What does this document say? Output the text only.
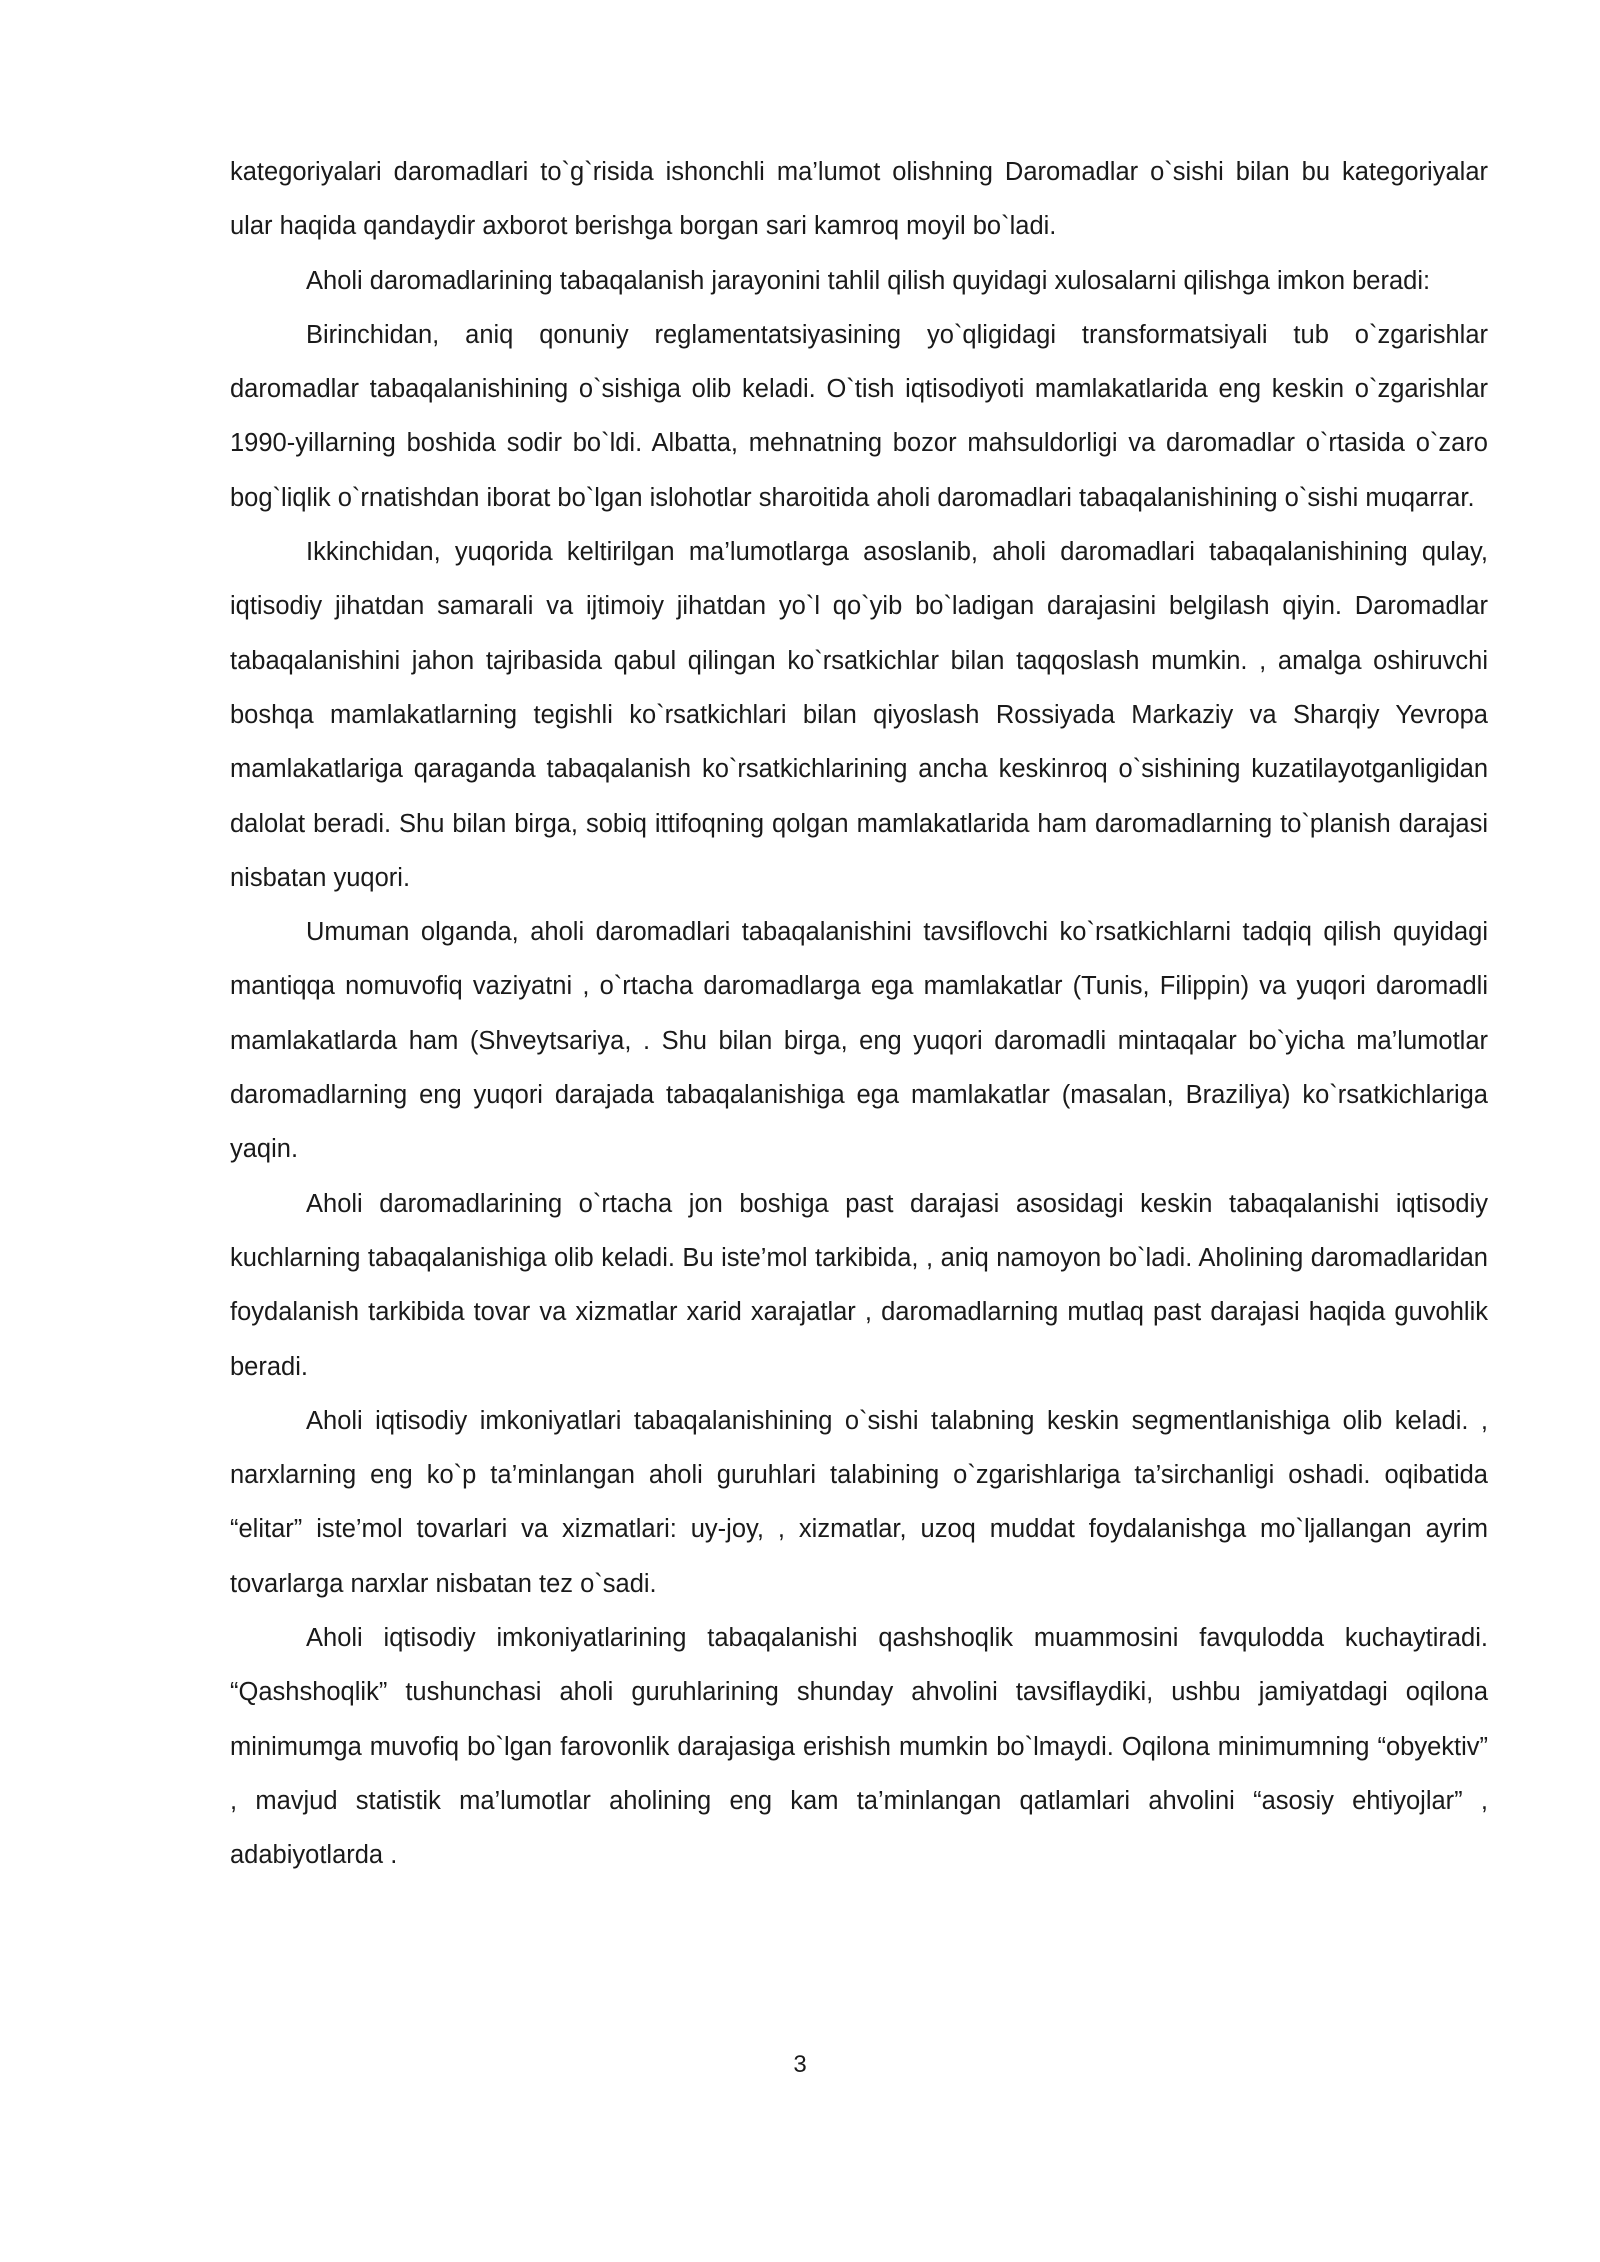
kategoriyalari daromadlari to`g`risida ishonchli ma’lumot olishning Daromadlar o`sishi bilan bu kategoriyalar ular haqida qandaydir axborot berishga borgan sari kamroq moyil bo`ladi.

Aholi daromadlarining tabaqalanish jarayonini tahlil qilish quyidagi xulosalarni qilishga imkon beradi:

Birinchidan, aniq qonuniy reglamentatsiyasining yo`qligidagi transformatsiyali tub o`zgarishlar daromadlar tabaqalanishining o`sishiga olib keladi. O`tish iqtisodiyoti mamlakatlarida eng keskin o`zgarishlar 1990-yillarning boshida sodir bo`ldi. Albatta, mehnatning bozor mahsuldorligi va daromadlar o`rtasida o`zaro bog`liqlik o`rnatishdan iborat bo`lgan islohotlar sharoitida aholi daromadlari tabaqalanishining o`sishi muqarrar.

Ikkinchidan, yuqorida keltirilgan ma’lumotlarga asoslanib, aholi daromadlari tabaqalanishining qulay, iqtisodiy jihatdan samarali va ijtimoiy jihatdan yo`l qo`yib bo`ladigan darajasini belgilash qiyin. Daromadlar tabaqalanishini jahon tajribasida qabul qilingan ko`rsatkichlar bilan taqqoslash mumkin. , amalga oshiruvchi boshqa mamlakatlarning tegishli ko`rsatkichlari bilan qiyoslash Rossiyada Markaziy va Sharqiy Yevropa mamlakatlariga qaraganda tabaqalanish ko`rsatkichlarining ancha keskinroq o`sishining kuzatilayotganligidan dalolat beradi. Shu bilan birga, sobiq ittifoqning qolgan mamlakatlarida ham daromadlarning to`planish darajasi nisbatan yuqori.

Umuman olganda, aholi daromadlari tabaqalanishini tavsiflovchi ko`rsatkichlarni tadqiq qilish quyidagi mantiqqa nomuvofiq vaziyatni , o`rtacha daromadlarga ega mamlakatlar (Tunis, Filippin) va yuqori daromadli mamlakatlarda ham (Shveytsariya, . Shu bilan birga, eng yuqori daromadli mintaqalar bo`yicha ma’lumotlar daromadlarning eng yuqori darajada tabaqalanishiga ega mamlakatlar (masalan, Braziliya) ko`rsatkichlariga yaqin.

Aholi daromadlarining o`rtacha jon boshiga past darajasi asosidagi keskin tabaqalanishi iqtisodiy kuchlarning tabaqalanishiga olib keladi. Bu iste’mol tarkibida, , aniq namoyon bo`ladi. Aholining daromadlaridan foydalanish tarkibida tovar va xizmatlar xarid xarajatlar , daromadlarning mutlaq past darajasi haqida guvohlik beradi.

Aholi iqtisodiy imkoniyatlari tabaqalanishining o`sishi talabning keskin segmentlanishiga olib keladi. , narxlarning eng ko`p ta’minlangan aholi guruhlari talabining o`zgarishlariga ta’sirchanligi oshadi. oqibatida “elitar” iste’mol tovarlari va xizmatlari: uy-joy, , xizmatlar, uzoq muddat foydalanishga mo`ljallangan ayrim tovarlarga narxlar nisbatan tez o`sadi.

Aholi iqtisodiy imkoniyatlarining tabaqalanishi qashshoqlik muammosini favqulodda kuchaytiradi. “Qashshoqlik” tushunchasi aholi guruhlarining shunday ahvolini tavsiflaydiki, ushbu jamiyatdagi oqilona minimumga muvofiq bo`lgan farovonlik darajasiga erishish mumkin bo`lmaydi. Oqilona minimumning “obyektiv” , mavjud statistik ma’lumotlar aholining eng kam ta’minlangan qatlamlari ahvolini “asosiy ehtiyojlar” , adabiyotlarda .

3
